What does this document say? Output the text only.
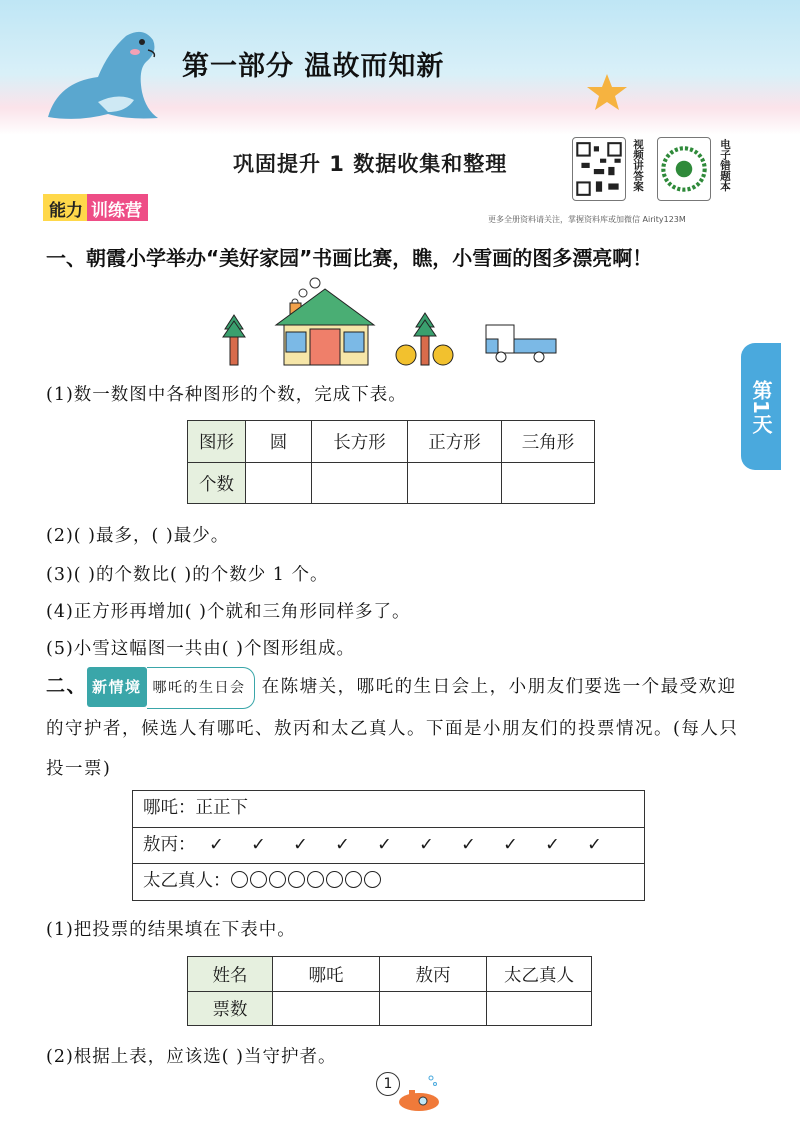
第一部分 温故而知新
巩固提升 1 数据收集和整理	视频讲答案	电子错题本
更多全册资料请关注，掌握资料库或加微信 Airity123M
能力 训练营
第1天
一、朝霞小学举办“美好家园”书画比赛，瞧，小雪画的图多漂亮啊！
(1)数一数图中各种图形的个数，完成下表。
图形	圆	长方形	正方形	三角形
个数				
(2)( )最多，( )最少。
(3)( )的个数比( )的个数少 1 个。
(4)正方形再增加( )个就和三角形同样多了。
(5)小雪这幅图一共由( )个图形组成。
二、 新情境 哪吒的生日会 在陈塘关，哪吒的生日会上，小朋友们要选一个最受欢迎的守护者，候选人有哪吒、敖丙和太乙真人。下面是小朋友们的投票情况。(每人只投一票)
哪吒：正正下
敖丙： ✓ ✓ ✓ ✓ ✓ ✓ ✓ ✓ ✓ ✓
太乙真人：
(1)把投票的结果填在下表中。
姓名	哪吒	敖丙	太乙真人
票数			
(2)根据上表，应该选( )当守护者。
1
